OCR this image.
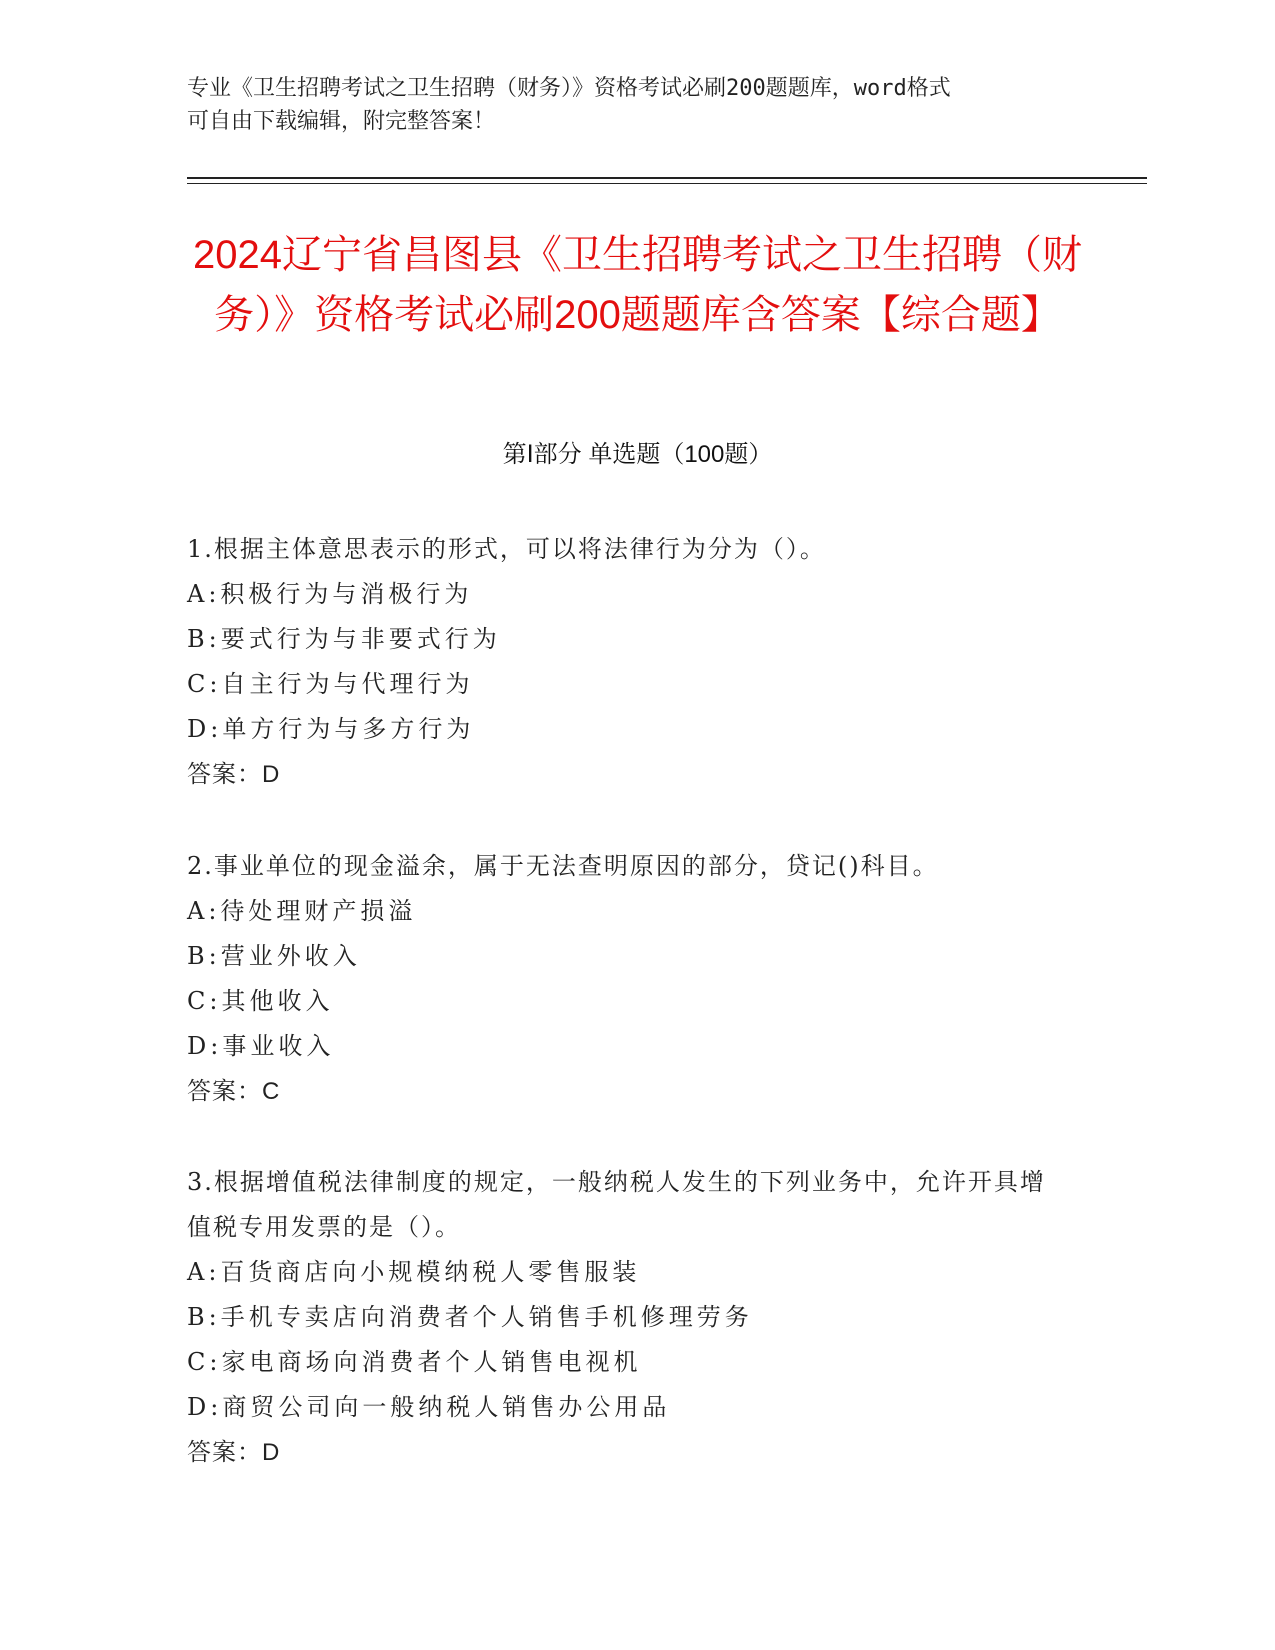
专业《卫生招聘考试之卫生招聘（财务）》资格考试必刷200题题库，word格式
可自由下载编辑，附完整答案！
2024辽宁省昌图县《卫生招聘考试之卫生招聘（财务）》资格考试必刷200题题库含答案【综合题】
第Ⅰ部分 单选题（100题）
1.根据主体意思表示的形式，可以将法律行为分为（）。
A:积极行为与消极行为
B:要式行为与非要式行为
C:自主行为与代理行为
D:单方行为与多方行为
答案：D
2.事业单位的现金溢余，属于无法查明原因的部分，贷记()科目。
A:待处理财产损溢
B:营业外收入
C:其他收入
D:事业收入
答案：C
3.根据增值税法律制度的规定，一般纳税人发生的下列业务中，允许开具增值税专用发票的是（）。
A:百货商店向小规模纳税人零售服装
B:手机专卖店向消费者个人销售手机修理劳务
C:家电商场向消费者个人销售电视机
D:商贸公司向一般纳税人销售办公用品
答案：D
